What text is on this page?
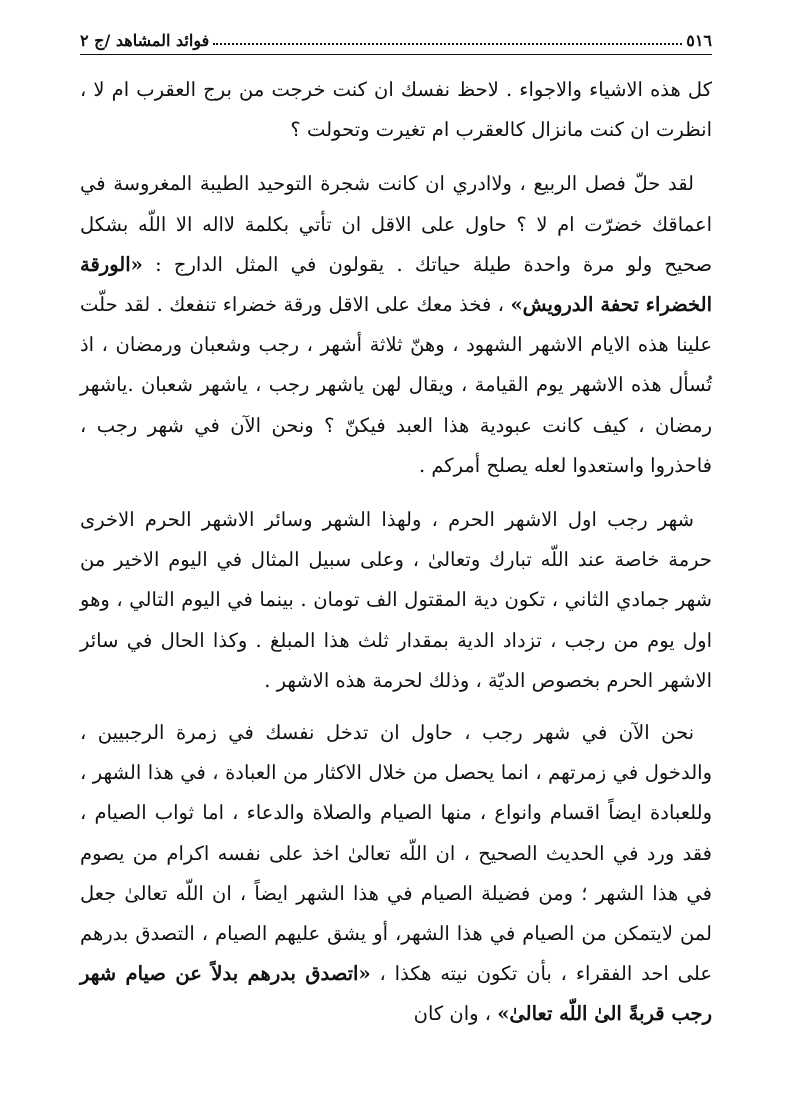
٥١٦
فوائد المشاهد /ج ٢

كل هذه الاشياء والاجواء . لاحظ نفسك ان كنت خرجت من برج العقرب ام لا ، انظرت ان كنت مانزال كالعقرب ام تغيرت وتحولت ؟

لقد حلّ فصل الربيع ، ولاادري ان كانت شجرة التوحيد الطيبة المغروسة في اعماقك خضرّت ام لا ؟ حاول على الاقل ان تأتي بكلمة لااله الا اللّه بشكل صحيح ولو مرة واحدة طيلة حياتك . يقولون في المثل الدارج : «الورقة الخضراء تحفة الدرويش» ، فخذ معك على الاقل ورقة خضراء تنفعك . لقد حلّت علينا هذه الايام الاشهر الشهود ، وهنّ ثلاثة أشهر ، رجب وشعبان ورمضان ، اذ تُسأل هذه الاشهر يوم القيامة ، ويقال لهن ياشهر رجب ، ياشهر شعبان .ياشهر رمضان ، كيف كانت عبودية هذا العبد فيكنّ ؟ ونحن الآن في شهر رجب ، فاحذروا واستعدوا لعله يصلح أمركم .

شهر رجب اول الاشهر الحرم ، ولهذا الشهر وسائر الاشهر الحرم الاخرى حرمة خاصة عند اللّه تبارك وتعالىٰ ، وعلى سبيل المثال في اليوم الاخير من شهر جمادي الثاني ، تكون دية المقتول الف تومان . بينما في اليوم التالي ، وهو اول يوم من رجب ، تزداد الدية بمقدار ثلث هذا المبلغ . وكذا الحال في سائر الاشهر الحرم بخصوص الديّة ، وذلك لحرمة هذه الاشهر .

نحن الآن في شهر رجب ، حاول ان تدخل نفسك في زمرة الرجبيين ، والدخول في زمرتهم ، انما يحصل من خلال الاكثار من العبادة ، في هذا الشهر ، وللعبادة ايضاً اقسام وانواع ، منها الصيام والصلاة والدعاء ، اما ثواب الصيام ، فقد ورد في الحديث الصحيح ، ان اللّه تعالىٰ اخذ على نفسه اكرام من يصوم في هذا الشهر ؛ ومن فضيلة الصيام في هذا الشهر ايضاً ، ان اللّه تعالىٰ جعل لمن لايتمكن من الصيام في هذا الشهر، أو يشق عليهم الصيام ، التصدق بدرهم على احد الفقراء ، بأن تكون نيته هكذا ، «اتصدق بدرهم بدلاً عن صيام شهر رجب قربةً الىٰ اللّه تعالىٰ» ، وان كان
